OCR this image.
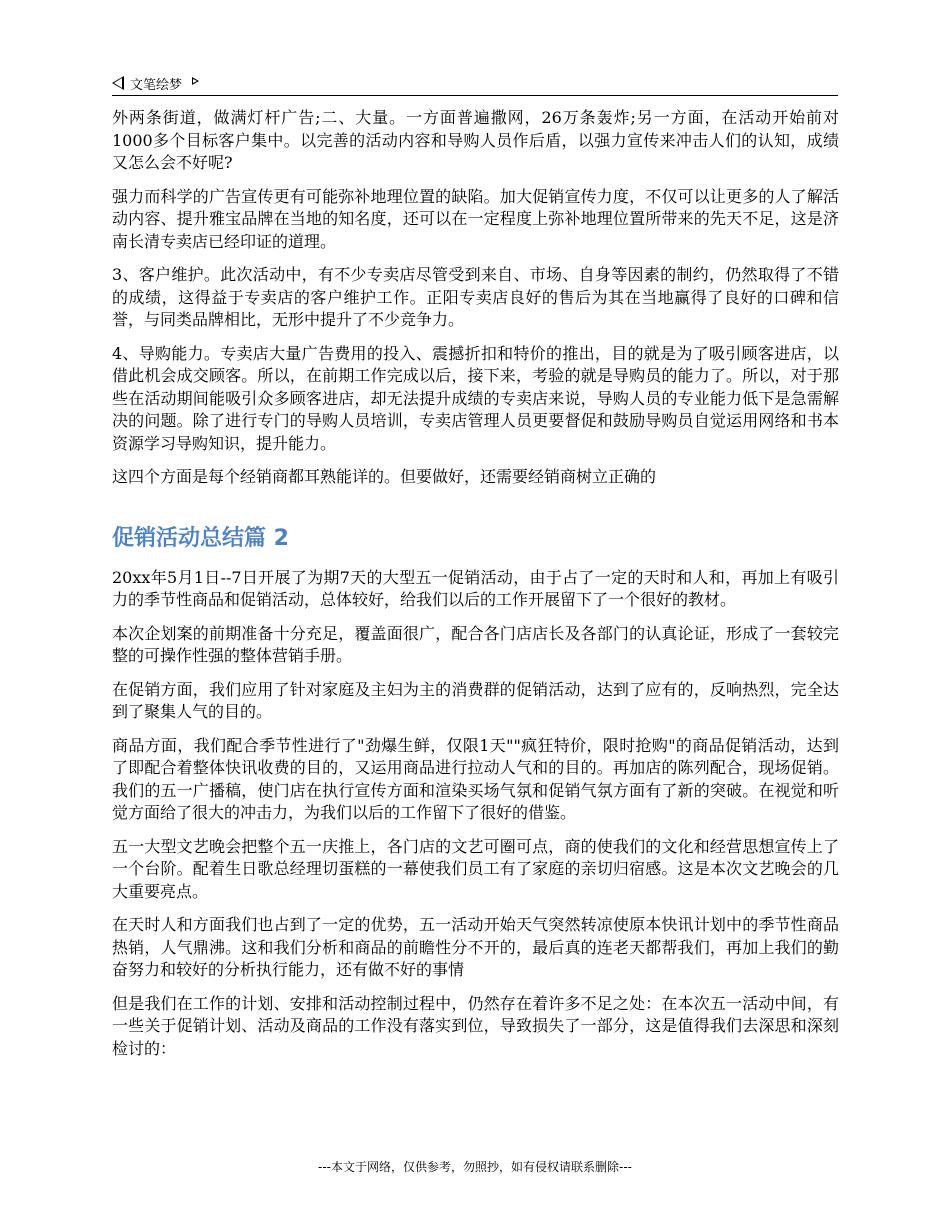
文笔绘梦

外两条街道，做满灯杆广告;二、大量。一方面普遍撒网，26万条轰炸;另一方面，在活动开始前对1000多个目标客户集中。以完善的活动内容和导购人员作后盾，以强力宣传来冲击人们的认知，成绩又怎么会不好呢?

强力而科学的广告宣传更有可能弥补地理位置的缺陷。加大促销宣传力度，不仅可以让更多的人了解活动内容、提升雅宝品牌在当地的知名度，还可以在一定程度上弥补地理位置所带来的先天不足，这是济南长清专卖店已经印证的道理。

3、客户维护。此次活动中，有不少专卖店尽管受到来自、市场、自身等因素的制约，仍然取得了不错的成绩，这得益于专卖店的客户维护工作。正阳专卖店良好的售后为其在当地赢得了良好的口碑和信誉，与同类品牌相比，无形中提升了不少竞争力。

4、导购能力。专卖店大量广告费用的投入、震撼折扣和特价的推出，目的就是为了吸引顾客进店，以借此机会成交顾客。所以，在前期工作完成以后，接下来，考验的就是导购员的能力了。所以，对于那些在活动期间能吸引众多顾客进店，却无法提升成绩的专卖店来说，导购人员的专业能力低下是急需解决的问题。除了进行专门的导购人员培训，专卖店管理人员更要督促和鼓励导购员自觉运用网络和书本资源学习导购知识，提升能力。

这四个方面是每个经销商都耳熟能详的。但要做好，还需要经销商树立正确的

促销活动总结篇 2

20xx年5月1日--7日开展了为期7天的大型五一促销活动，由于占了一定的天时和人和，再加上有吸引力的季节性商品和促销活动，总体较好，给我们以后的工作开展留下了一个很好的教材。

本次企划案的前期准备十分充足，覆盖面很广，配合各门店店长及各部门的认真论证，形成了一套较完整的可操作性强的整体营销手册。

在促销方面，我们应用了针对家庭及主妇为主的消费群的促销活动，达到了应有的，反响热烈，完全达到了聚集人气的目的。

商品方面，我们配合季节性进行了"劲爆生鲜，仅限1天""疯狂特价，限时抢购"的商品促销活动，达到了即配合着整体快讯收费的目的，又运用商品进行拉动人气和的目的。再加店的陈列配合，现场促销。我们的五一广播稿，使门店在执行宣传方面和渲染买场气氛和促销气氛方面有了新的突破。在视觉和听觉方面给了很大的冲击力，为我们以后的工作留下了很好的借鉴。

五一大型文艺晚会把整个五一庆推上，各门店的文艺可圈可点，商的使我们的文化和经营思想宣传上了一个台阶。配着生日歌总经理切蛋糕的一幕使我们员工有了家庭的亲切归宿感。这是本次文艺晚会的几大重要亮点。

在天时人和方面我们也占到了一定的优势，五一活动开始天气突然转凉使原本快讯计划中的季节性商品热销，人气鼎沸。这和我们分析和商品的前瞻性分不开的，最后真的连老天都帮我们，再加上我们的勤奋努力和较好的分析执行能力，还有做不好的事情

但是我们在工作的计划、安排和活动控制过程中，仍然存在着许多不足之处：在本次五一活动中间，有一些关于促销计划、活动及商品的工作没有落实到位，导致损失了一部分，这是值得我们去深思和深刻检讨的：

---本文于网络，仅供参考，勿照抄，如有侵权请联系删除---
